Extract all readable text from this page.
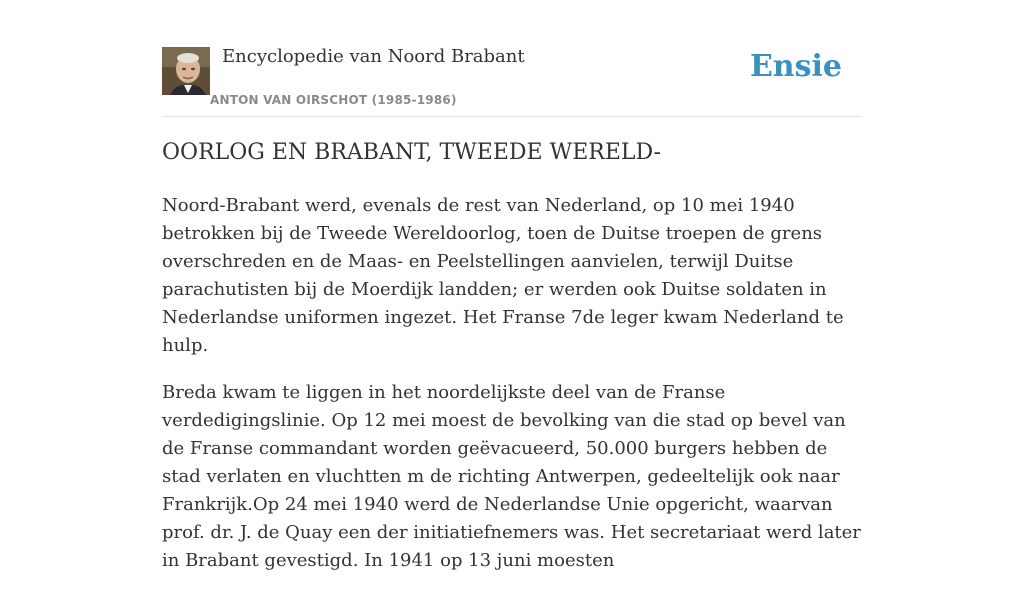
Encyclopedie van Noord Brabant
ANTON VAN OIRSCHOT (1985-1986)
Ensie
OORLOG EN BRABANT, TWEEDE WERELD-

Noord-Brabant werd, evenals de rest van Nederland, op 10 mei 1940 betrokken bij de Tweede Wereldoorlog, toen de Duitse troepen de grens overschreden en de Maas- en Peelstellingen aanvielen, terwijl Duitse parachutisten bij de Moerdijk landden; er werden ook Duitse soldaten in Nederlandse uniformen ingezet. Het Franse 7de leger kwam Nederland te hulp.

Breda kwam te liggen in het noordelijkste deel van de Franse verdedigingslinie. Op 12 mei moest de bevolking van die stad op bevel van de Franse commandant worden geëvacueerd, 50.000 burgers hebben de stad verlaten en vluchtten m de richting Antwerpen, gedeeltelijk ook naar Frankrijk.Op 24 mei 1940 werd de Nederlandse Unie opgericht, waarvan prof. dr. J. de Quay een der initiatiefnemers was. Het secretariaat werd later in Brabant gevestigd. In 1941 op 13 juni moesten
